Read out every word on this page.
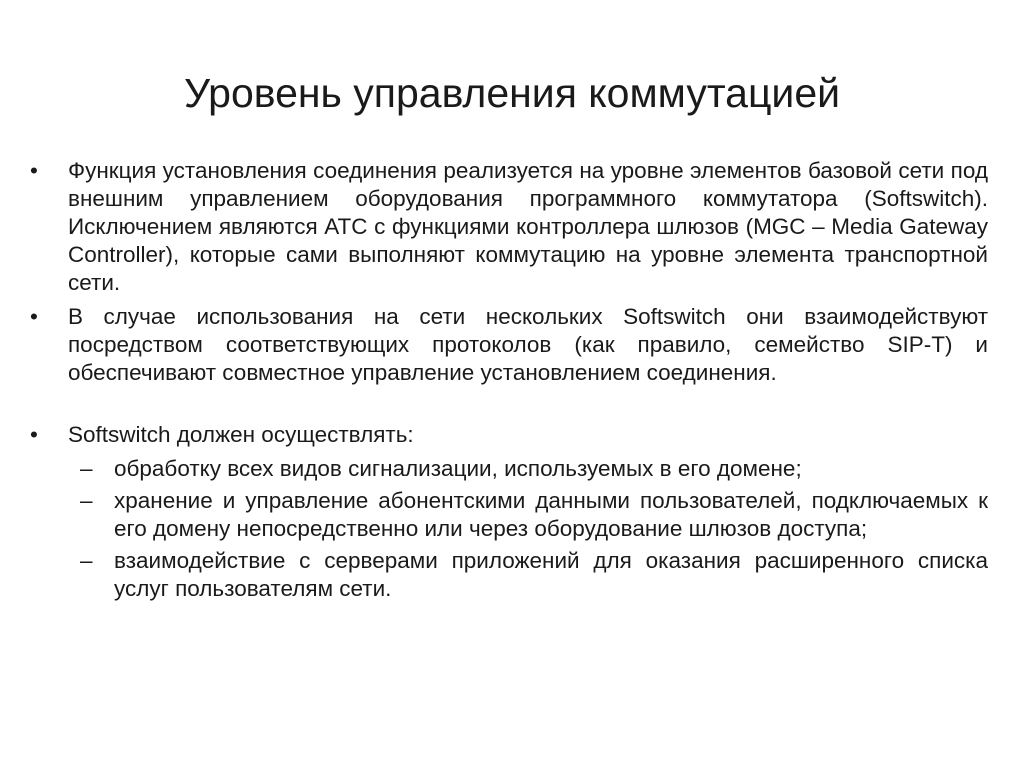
Уровень управления коммутацией
• Функция установления соединения реализуется на уровне элементов базовой сети под внешним управлением оборудования программного коммутатора (Softswitch). Исключением являются АТС с функциями контроллера шлюзов (MGC – Media Gateway Controller), которые сами выполняют коммутацию на уровне элемента транспортной сети.
• В случае использования на сети нескольких Softswitch они взаимодействуют посредством соответствующих протоколов (как правило, семейство SIP-T) и обеспечивают совместное управление установлением соединения.
• Softswitch должен осуществлять:
– обработку всех видов сигнализации, используемых в его домене;
– хранение и управление абонентскими данными пользователей, подключаемых к его домену непосредственно или через оборудование шлюзов доступа;
– взаимодействие с серверами приложений для оказания расширенного списка услуг пользователям сети.
